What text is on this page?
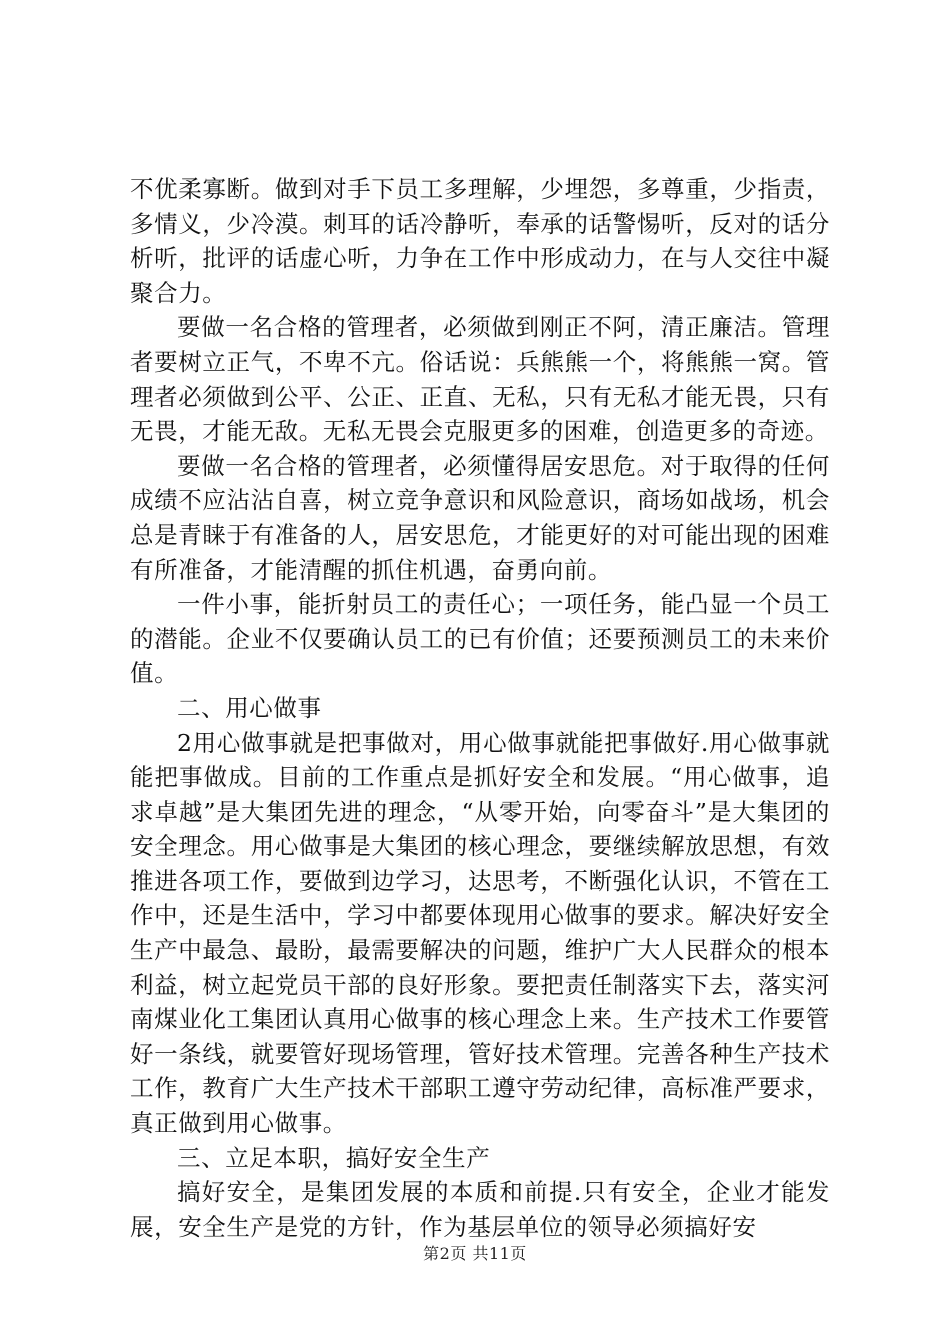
不优柔寡断。做到对手下员工多理解，少埋怨，多尊重，少指责，多情义，少冷漠。刺耳的话冷静听，奉承的话警惕听，反对的话分析听，批评的话虚心听，力争在工作中形成动力，在与人交往中凝聚合力。

要做一名合格的管理者，必须做到刚正不阿，清正廉洁。管理者要树立正气，不卑不亢。俗话说：兵熊熊一个，将熊熊一窝。管理者必须做到公平、公正、正直、无私，只有无私才能无畏，只有无畏，才能无敌。无私无畏会克服更多的困难，创造更多的奇迹。

要做一名合格的管理者，必须懂得居安思危。对于取得的任何成绩不应沾沾自喜，树立竞争意识和风险意识，商场如战场，机会总是青睐于有准备的人，居安思危，才能更好的对可能出现的困难有所准备，才能清醒的抓住机遇，奋勇向前。

一件小事，能折射员工的责任心；一项任务，能凸显一个员工的潜能。企业不仅要确认员工的已有价值；还要预测员工的未来价值。

二、用心做事

2用心做事就是把事做对，用心做事就能把事做好.用心做事就能把事做成。目前的工作重点是抓好安全和发展。“用心做事，追求卓越”是大集团先进的理念，“从零开始，向零奋斗”是大集团的安全理念。用心做事是大集团的核心理念，要继续解放思想，有效推进各项工作，要做到边学习，达思考，不断强化认识，不管在工作中，还是生活中，学习中都要体现用心做事的要求。解决好安全生产中最急、最盼，最需要解决的问题，维护广大人民群众的根本利益，树立起党员干部的良好形象。要把责任制落实下去，落实河南煤业化工集团认真用心做事的核心理念上来。生产技术工作要管好一条线，就要管好现场管理，管好技术管理。完善各种生产技术工作，教育广大生产技术干部职工遵守劳动纪律，高标准严要求，真正做到用心做事。

三、立足本职，搞好安全生产

搞好安全，是集团发展的本质和前提.只有安全，企业才能发展，安全生产是党的方针，作为基层单位的领导必须搞好安

第2页 共11页
